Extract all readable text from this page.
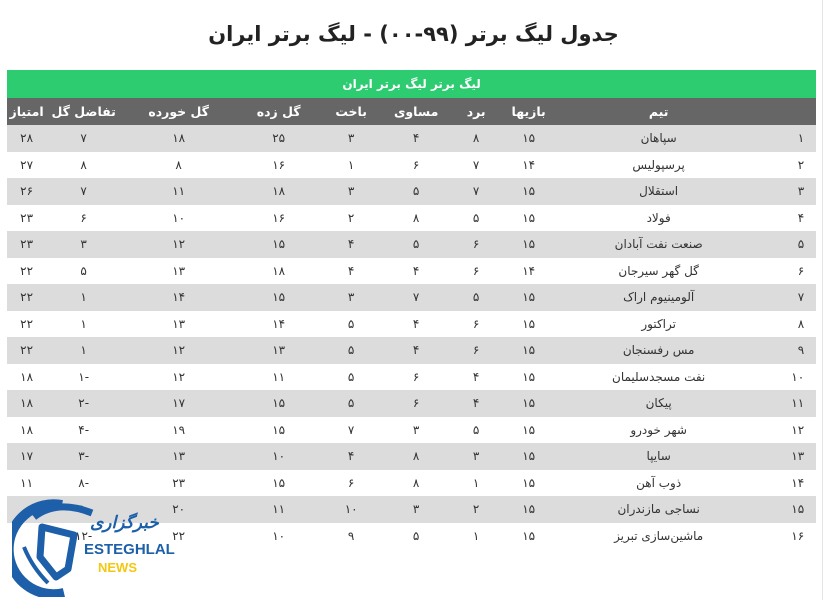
جدول لیگ برتر (۹۹-۰۰) - لیگ برتر ایران
لیگ برتر لیگ برتر ایران									
	تیم	بازیها	برد	مساوی	باخت	گل زده	گل خورده	تفاضل گل	امتیاز
۱	سپاهان	۱۵	۸	۴	۳	۲۵	۱۸	۷	۲۸
۲	پرسپولیس	۱۴	۷	۶	۱	۱۶	۸	۸	۲۷
۳	استقلال	۱۵	۷	۵	۳	۱۸	۱۱	۷	۲۶
۴	فولاد	۱۵	۵	۸	۲	۱۶	۱۰	۶	۲۳
۵	صنعت نفت آبادان	۱۵	۶	۵	۴	۱۵	۱۲	۳	۲۳
۶	گل گهر سیرجان	۱۴	۶	۴	۴	۱۸	۱۳	۵	۲۲
۷	آلومینیوم اراک	۱۵	۵	۷	۳	۱۵	۱۴	۱	۲۲
۸	تراکتور	۱۵	۶	۴	۵	۱۴	۱۳	۱	۲۲
۹	مس رفسنجان	۱۵	۶	۴	۵	۱۳	۱۲	۱	۲۲
۱۰	نفت مسجدسلیمان	۱۵	۴	۶	۵	۱۱	۱۲	-۱	۱۸
۱۱	پیکان	۱۵	۴	۶	۵	۱۵	۱۷	-۲	۱۸
۱۲	شهر خودرو	۱۵	۵	۳	۷	۱۵	۱۹	-۴	۱۸
۱۳	سایپا	۱۵	۳	۸	۴	۱۰	۱۳	-۳	۱۷
۱۴	ذوب آهن	۱۵	۱	۸	۶	۱۵	۲۳	-۸	۱۱
۱۵	نساجی مازندران	۱۵	۲	۳	۱۰	۱۱	۲۰	-۹	
۱۶	ماشین‌سازی تبریز	۱۵	۱	۵	۹	۱۰	۲۲	-۱۲	
خبرگزاری
ESTEGHLAL
NEWS
